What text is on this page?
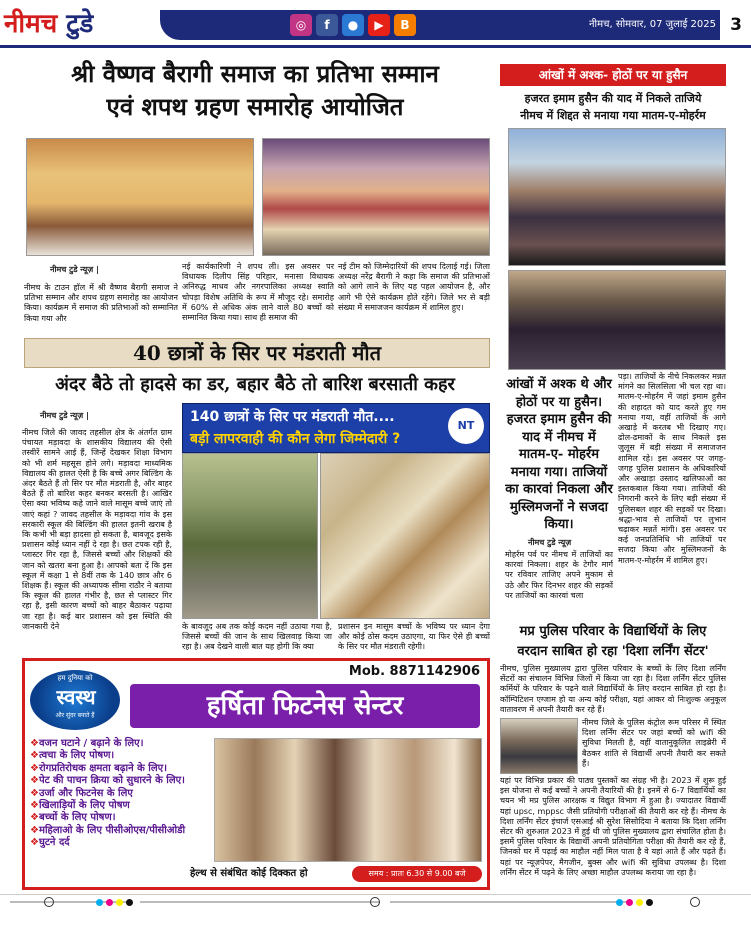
नीमच टुडे	◎	f	●	▶	B	नीमच, सोमवार, 07 जुलाई 2025 3
श्री वैष्णव बैरागी समाज का प्रतिभा सम्मान
एवं शपथ ग्रहण समारोह आयोजित
नीमच टुडे न्यूज़ |
नीमच के टाउन हॉल में श्री वैष्णव बैरागी समाज ने प्रतिभा सम्मान और शपथ ग्रहण समारोह का आयोजन किया। कार्यक्रम में समाज की प्रतिभाओं को सम्मानित किया गया और
नई कार्यकारिणी ने शपथ ली। इस अवसर पर विधायक दिलीप सिंह परिहार, मनासा विधायक अनिरुद्ध माधव और नगरपालिका अध्यक्ष स्वाति चोपड़ा विशेष अतिथि के रूप में मौजूद रहे। समारोह में 60% से अधिक अंक लाने वाले 80 बच्चों को सम्मानित किया गया। साथ ही समाज की
नई टीम को जिम्मेदारियों की शपथ दिलाई गई। जिला अध्यक्ष नरेंद्र बैरागी ने कहा कि समाज की प्रतिभाओं को आगे लाने के लिए यह पहल आयोजन है, और आगे भी ऐसे कार्यक्रम होते रहेंगे। जिले भर से बड़ी संख्या में समाजजन कार्यक्रम में शामिल हुए।
40 छात्रों के सिर पर मंडराती मौत
अंदर बैठे तो हादसे का डर, बहार बैठे तो बारिश बरसाती कहर
नीमच टुडे न्यूज़ |
नीमच जिले की जावद तहसील क्षेत्र के अंतर्गत ग्राम पंचायत मड़ावदा के शासकीय विद्यालय की ऐसी तस्वीरें सामने आई हैं, जिन्हें देखकर शिक्षा विभाग को भी शर्म महसूस होने लगे। मड़ावदा माध्यमिक विद्यालय की हालत ऐसी है कि बच्चे अगर बिल्डिंग के अंदर बैठते हैं तो सिर पर मौत मंडराती है, और बाहर बैठते हैं तो बारिश कहर बनकर बरसती है। आखिर ऐसा क्या भविष्य कहे जाने वाले मासूम बच्चे जाएं तो जाएं कहां ? जावद तहसील के मड़ावदा गांव के इस सरकारी स्कूल की बिल्डिंग की हालत इतनी खराब है कि कभी भी बड़ा हादसा हो सकता है, बावजूद इसके प्रशासन कोई ध्यान नहीं दे रहा है। छत टपक रही है, प्लास्टर गिर रहा है, जिससे बच्चों और शिक्षकों की जान को खतरा बना हुआ है। आपको बता दें कि इस स्कूल में कक्षा 1 से 8वीं तक के 140 छात्र और 6 शिक्षक हैं। स्कूल की अध्यापक सीमा राठौर ने बताया कि स्कूल की हालत गंभीर है, छत से प्लास्टर गिर रहा है, इसी कारण बच्चों को बाहर बैठाकर पढ़ाया जा रहा है। कई बार प्रशासन को इस स्थिति की जानकारी देने
140 छात्रों के सिर पर मंडराती मौत....
बड़ी लापरवाही की कौन लेगा जिम्मेदारी ?
NT
के बावजूद अब तक कोई कदम नहीं उठाया गया है, जिससे बच्चों की जान के साथ खिलवाड़ किया जा रहा है। अब देखने वाली बात यह होगी कि क्या
प्रशासन इन मासूम बच्चों के भविष्य पर ध्यान देगा और कोई ठोस कदम उठाएगा, या फिर ऐसे ही बच्चों के सिर पर मौत मंडराती रहेगी।
हम दुनिया को
स्वस्थ
और सुंदर बनाते हैं
Mob. 8871142906
हर्षिता फिटनेस सेन्टर
❖ वजन घटाने / बढ़ाने के लिए।
❖ त्वचा के लिए पोषण।
❖ रोगप्रतिरोधक क्षमता बढ़ाने के लिए।
❖ पेट की पाचन क्रिया को सुधारने के लिए।
❖ उर्जा और फिटनेस के लिए
❖ खिलाड़ियों के लिए पोषण
❖ बच्चों के लिए पोषण।
❖ महिलाओ के लिए पीसीओएस/पीसीओडी
❖ घुटने दर्द
हेल्थ से संबंधित कोई दिक्कत हो	समय : प्रातः 6.30 से 9.00 बजे
आंखों में अश्क- होठों पर या हुसैन
हजरत इमाम हुसैन की याद में निकले ताजिये
नीमच में शिद्दत से मनाया गया मातम-ए-मोहर्रम
आंखों में अश्क थे और होठों पर या हुसैन। हजरत इमाम हुसैन की याद में नीमच में मातम-ए- मोहर्रम मनाया गया। ताजियों का कारवां निकला और मुस्लिमजनों ने सजदा किया।
नीमच टुडे न्यूज़
मोहर्रम पर्व पर नीमच में ताजियों का कारवां निकला। शहर के टेगौर मार्ग पर रविवार ताजिए अपने मुकाम से उठे और फिर दिनभर शहर की सड़कों पर ताजियों का कारवां चला
पड़ा। ताजियों के नीचे निकलकर मन्नत मांगने का सिलसिला भी चल रहा था। मातम-ए-मोहर्रम में जहां इमाम हुसैन की शहादत को याद करते हुए गम मनाया गया, वहीं ताजियों के आगे अखाड़े में करतब भी दिखाए गए। ढोल-ढमाकों के साथ निकले इस जुलूस में बड़ी संख्या में समाजजन शामिल रहे। इस अवसर पर जगह-जगह पुलिस प्रशासन के अधिकारियों और अखाड़ा उस्ताद खलिफाओं का इस्तकबाल किया गया। ताजियों की निगरानी करने के लिए बड़ी संख्या में पुलिसबल शहर की सड़कों पर दिखा। श्रद्धा-भाव से ताजियों पर लुभान चढ़ाकर मन्नतें मांगी। इस अवसर पर कई जनप्रतिनिधि भी ताजियों पर सजदा किया और मुस्लिमजनों के मातम-ए-मोहर्रम में शामिल हुए।
मप्र पुलिस परिवार के विद्यार्थियों के लिए
वरदान साबित हो रहा 'दिशा लर्निंग सेंटर'
नीमच, पुलिस मुख्यालय द्वारा पुलिस परिवार के बच्चों के लिए दिशा लर्निंग सेंटरों का संचालन विभिन्न जिलों में किया जा रहा है। दिशा लर्निंग सेंटर पुलिस कर्मियों के परिवार के पढ़ने वाले विद्यार्थियों के लिए वरदान साबित हो रहा है। कॉम्पिटिशन एग्जाम हो या अन्य कोई परीक्षा, यहां आकर वो निःशुल्क अनुकूल वातावरण में अपनी तैयारी कर रहे हैं।
नीमच जिले के पुलिस कंट्रोल रूम परिसर में स्थित दिशा लर्निंग सेंटर पर जहां बच्चों को wifi की सुविधा मिलती है, वहीं वातानुकूलित लाइब्रेरी में बैठकर शांति से विद्यार्थी अपनी तैयारी कर सकते हैं।
यहां पर विभिन्न प्रकार की पाठ्य पुस्तकों का संग्रह भी है। 2023 में शुरू हुई इस योजना से कई बच्चों ने अपनी तैयारियों की है। इनमें से 6-7 विद्यार्थियों का चयन भी मप्र पुलिस आरक्षक व विद्युत विभाग में हुआ है। ज्यादातर विद्यार्थी यहां upsc, mppsc जैसी प्रतियोगी परीक्षाओं की तैयारी कर रहे हैं। नीमच के दिशा लर्निंग सेंटर इंचार्ज एसआई श्री सुरेश सिसोदिया ने बताया कि दिशा लर्निंग सेंटर की शुरुआत 2023 में हुई थी जो पुलिस मुख्यालय द्वारा संचालित होता है। इसमें पुलिस परिवार के विद्यार्थी अपनी प्रतियोगिता परीक्षा की तैयारी कर रहे हैं, जिनको घर में पढ़ाई का माहौल नहीं मिल पाता है वे यहां आते हैं और पढ़ते हैं। यहां पर न्यूज़पेपर, मैगजीन, बुक्स और wifi की सुविधा उपलब्ध है। दिशा लर्निंग सेंटर में पढ़ने के लिए अच्छा माहौल उपलब्ध कराया जा रहा है।
